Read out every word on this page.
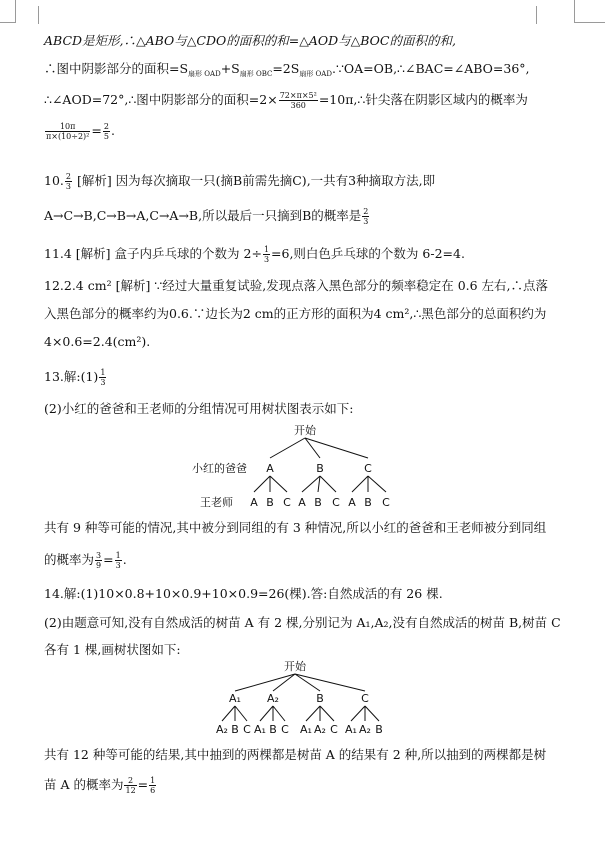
ABCD是矩形,∴△ABO与△CDO的面积的和=△AOD与△BOC的面积的和,
∴图中阴影部分的面积$=S_{扇形 OAD}+S_{扇形 OBC}=2S_{扇形 OAD}.\because OA=OB,\therefore\angle BAC=\angle ABO=36^\circ$,
∴∠AOD=72°,∴图中阴影部分的面积$=2\times \frac{\text{72×π×5²}}{360}$ =10π,∴针尖落在阴影区域内的概率为
$\frac{10\pi}{\text{π×(10÷2)²}} = \frac{2}{5}$ .
10. $\frac{2}{3}$ [解析] 因为每次摘取一只(摘B前需先摘C),一共有3种摘取方法,即
A→C→B,C→B→A,C→A→B,所以最后一只摘到B的概率是 $\frac{2}{3}$
11.4 [解析] 盒子内乒乓球的个数为 $2\div \frac{1}{3} =6$,则白色乒乓球的个数为 6-2=4.
12.2.4 cm² [解析] ∵经过大量重复试验,发现点落入黑色部分的频率稳定在 0.6 左右,∴点落
入黑色部分的概率约为0.6.∵边长为2 cm的正方形的面积为4 cm²,∴黑色部分的总面积约为
4×0.6=2.4(cm²).
13.解:(1) $\frac{1}{3}$
(2)小红的爸爸和王老师的分组情况可用树状图表示如下:
开始
小红的爸爸 A	B	C
王老师 A B C A B C A B C
共有 9 种等可能的情况,其中被分到同组的有 3 种情况,所以小红的爸爸和王老师被分到同组
的概率为 $\frac{3}{9} = \frac{1}{3}$ .
14.解:(1)10×0.8+10×0.9+10×0.9=26(棵).答:自然成活的有 26 棵.
(2)由题意可知,没有自然成活的树苗 A 有 2 棵,分别记为 A₁,A₂,没有自然成活的树苗 B,树苗 C
各有 1 棵,画树状图如下:
开始
A₁ A₂	B	C
A₂ B C A₁ B C A₁ A₂ C A₁ A₂ B
共有 12 种等可能的结果,其中抽到的两棵都是树苗 A 的结果有 2 种,所以抽到的两棵都是树
苗 A 的概率为 $\frac{2}{12} = \frac{1}{6}$
